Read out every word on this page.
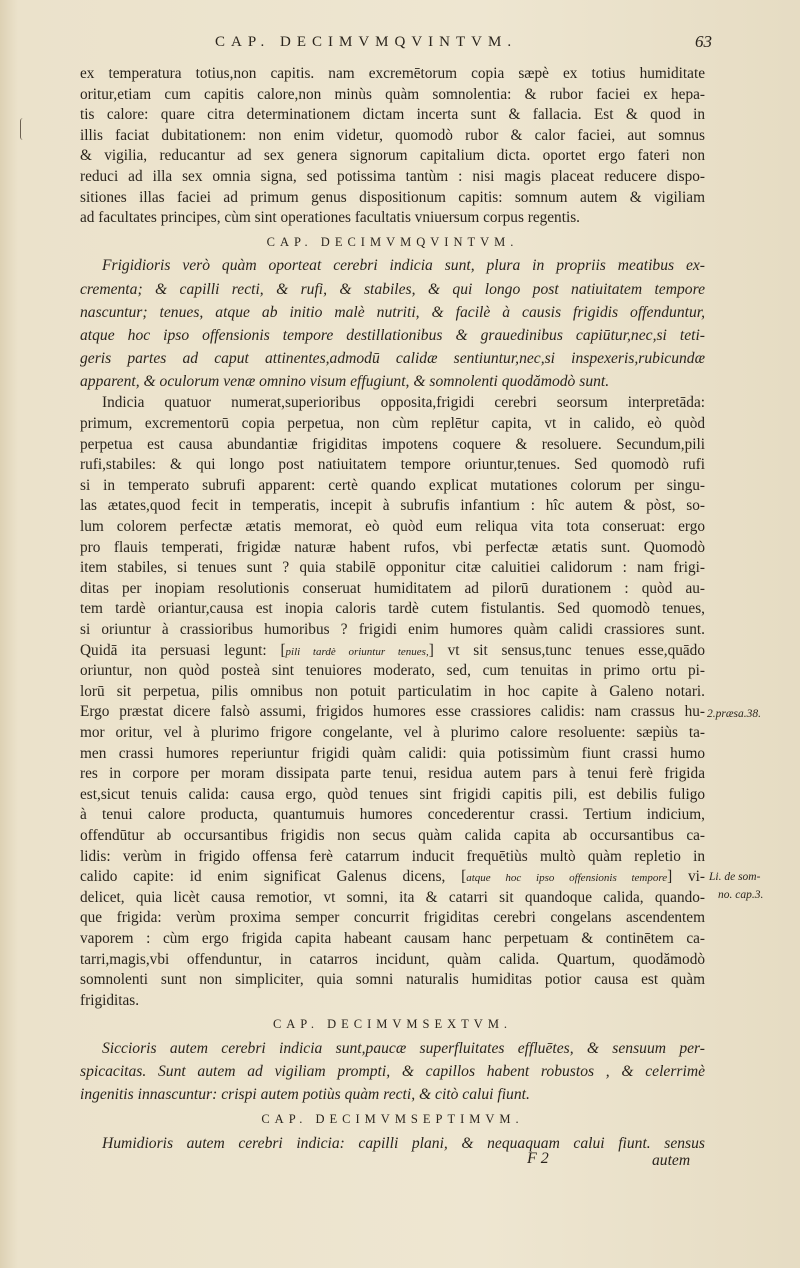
CAP. DECIMVMQVINTVM.	63
ex temperatura totius,non capitis. nam excremētorum copia sæpè ex totius humiditate
oritur,etiam cum capitis calore,non minùs quàm somnolentia: & rubor faciei ex hepa-
tis calore: quare citra determinationem dictam incerta sunt & fallacia. Est & quod in
illis faciat dubitationem: non enim videtur, quomodò rubor & calor faciei, aut somnus
& vigilia, reducantur ad sex genera signorum capitalium dicta. oportet ergo fateri non
reduci ad illa sex omnia signa, sed potissima tantùm : nisi magis placeat reducere dispo-
sitiones illas faciei ad primum genus dispositionum capitis: somnum autem & vigiliam
ad facultates principes, cùm sint operationes facultatis vniuersum corpus regentis.
CAP. DECIMVMQVINTVM.
Frigidioris verò quàm oporteat cerebri indicia sunt, plura in propriis meatibus ex-
crementa; & capilli recti, & rufi, & stabiles, & qui longo post natiuitatem tempore
nascuntur; tenues, atque ab initio malè nutriti, & facilè à causis frigidis offenduntur,
atque hoc ipso offensionis tempore destillationibus & grauedinibus capiūtur,nec,si teti-
geris partes ad caput attinentes,admodū calidæ sentiuntur,nec,si inspexeris,rubicundæ
apparent, & oculorum venæ omnino visum effugiunt, & somnolenti quodămodò sunt.
Indicia quatuor numerat,superioribus opposita,frigidi cerebri seorsum interpretāda:
primum, excrementorū copia perpetua, non cùm replētur capita, vt in calido, eò quòd
perpetua est causa abundantiæ frigiditas impotens coquere & resoluere. Secundum,pili
rufi,stabiles: & qui longo post natiuitatem tempore oriuntur,tenues. Sed quomodò rufi
si in temperato subrufi apparent: certè quando explicat mutationes colorum per singu-
las ætates,quod fecit in temperatis, incepit à subrufis infantium : hîc autem & pòst, so-
lum colorem perfectæ ætatis memorat, eò quòd eum reliqua vita tota conseruat: ergo
pro flauis temperati, frigidæ naturæ habent rufos, vbi perfectæ ætatis sunt. Quomodò
item stabiles, si tenues sunt ? quia stabilē opponitur citæ caluitiei calidorum : nam frigi-
ditas per inopiam resolutionis conseruat humiditatem ad pilorū durationem : quòd au-
tem tardè oriantur,causa est inopia caloris tardè cutem fistulantis. Sed quomodò tenues,
si oriuntur à crassioribus humoribus ? frigidi enim humores quàm calidi crassiores sunt.
Quidā ita persuasi legunt: [pili tardè oriuntur tenues,] vt sit sensus,tunc tenues esse,quādo
oriuntur, non quòd posteà sint tenuiores moderato, sed, cum tenuitas in primo ortu pi-
lorū sit perpetua, pilis omnibus non potuit particulatim in hoc capite à Galeno notari.
Ergo præstat dicere falsò assumi, frigidos humores esse crassiores calidis: nam crassus hu-
mor oritur, vel à plurimo frigore congelante, vel à plurimo calore resoluente: sæpiùs ta-
men crassi humores reperiuntur frigidi quàm calidi: quia potissimùm fiunt crassi humo
res in corpore per moram dissipata parte tenui, residua autem pars à tenui ferè frigida
est,sicut tenuis calida: causa ergo, quòd tenues sint frigidi capitis pili, est debilis fuligo
à tenui calore producta, quantumuis humores concederentur crassi. Tertium indicium,
offendūtur ab occursantibus frigidis non secus quàm calida capita ab occursantibus ca-
lidis: verùm in frigido offensa ferè catarrum inducit frequētiùs multò quàm repletio in
calido capite: id enim significat Galenus dicens, [atque hoc ipso offensionis tempore] vi-
delicet, quia licèt causa remotior, vt somni, ita & catarri sit quandoque calida, quando-
que frigida: verùm proxima semper concurrit frigiditas cerebri congelans ascendentem
vaporem : cùm ergo frigida capita habeant causam hanc perpetuam & continētem ca-
tarri,magis,vbi offenduntur, in catarros incidunt, quàm calida. Quartum, quodămodò
somnolenti sunt non simpliciter, quia somni naturalis humiditas potior causa est quàm
frigiditas.
CAP. DECIMVMSEXTVM.
Siccioris autem cerebri indicia sunt,paucæ superfluitates effluētes, & sensuum per-
spicacitas. Sunt autem ad vigiliam prompti, & capillos habent robustos , & celerrimè
ingenitis innascuntur: crispi autem potiùs quàm recti, & citò calui fiunt.
CAP. DECIMVMSEPTIMVM.
Humidioris autem cerebri indicia: capilli plani, & nequaquam calui fiunt. sensus
2.præsa.38.
Li. de som-
no. cap.3.
F 2	autem
